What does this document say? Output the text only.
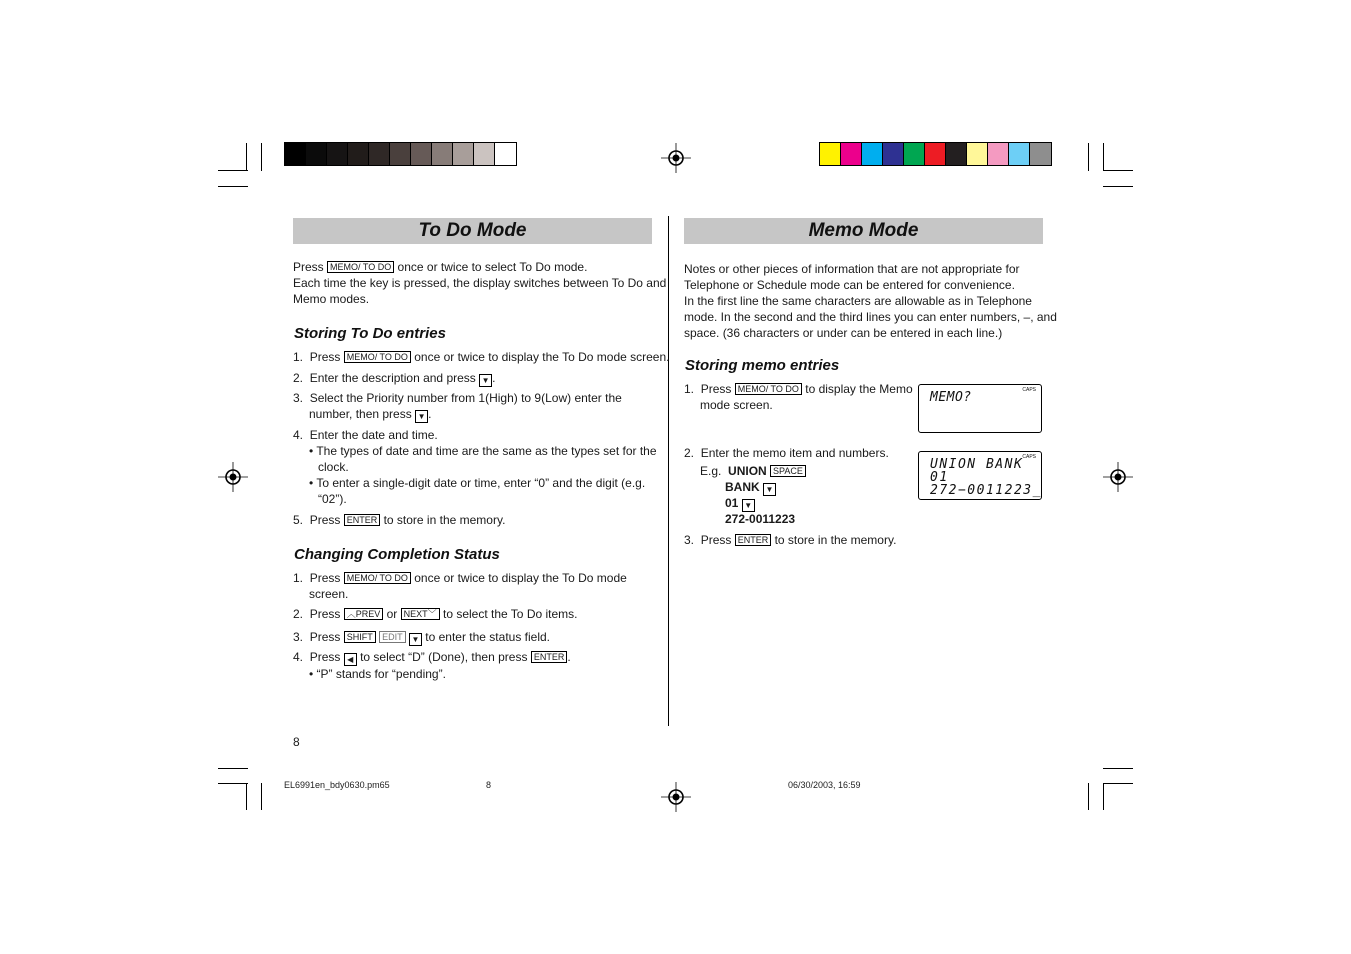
To Do Mode	Memo Mode
Press MEMO/ TO DO once or twice to select To Do mode.
Each time the key is pressed, the display switches between To Do and
Memo modes.
Storing To Do entries
1. Press MEMO/ TO DO once or twice to display the To Do mode screen.
2. Enter the description and press ▼ .
3. Select the Priority number from 1(High) to 9(Low) enter the
number, then press ▼ .
4. Enter the date and time.
• The types of date and time are the same as the types set for the
clock.
• To enter a single-digit date or time, enter “0” and the digit (e.g.
“02”).
5. Press ENTER to store in the memory.
Changing Completion Status
1. Press MEMO/ TO DO once or twice to display the To Do mode
screen.
2. Press ︿PREV or NEXT﹀ to select the To Do items.
3. Press SHIFT EDIT ▼ to enter the status field.
4. Press ◀ to select “D” (Done), then press ENTER .
• “P” stands for “pending”.
8
Notes or other pieces of information that are not appropriate for
Telephone or Schedule mode can be entered for convenience.
In the first line the same characters are allowable as in Telephone
mode. In the second and the third lines you can enter numbers, –, and
space. (36 characters or under can be entered in each line.)
Storing memo entries
1. Press MEMO/ TO DO to display the Memo
mode screen.
2. Enter the memo item and numbers.
E.g. UNION SPACE
BANK ▼
01 ▼
272-0011223
3. Press ENTER to store in the memory.
CAPS
MEMO?
CAPS
UNION BANK
01
272−0011223_
EL6991en_bdy0630.pm65	8	06/30/2003, 16:59
